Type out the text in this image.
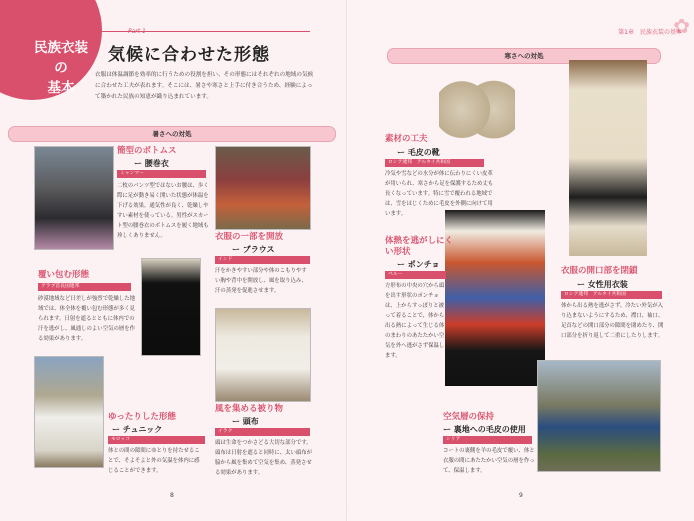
民族衣装の
基本
Part 1
気候に合わせた形態
衣服は体温調節を効率的に行うための役割を担い、その形態にはそれぞれの地域の気候に合わせた工夫が表れます。そこには、暑さや寒さと上手に付き合うため、経験によって築かれた民族の知恵が織り込まれています。
暑さへの対処
簡型のボトムス
ー 腰巻衣
ミャンマー
二枚のパンツ型ではないお腰は、歩く際に足が動き易く開いた状態が体温を下げる効果。通気性が良く、乾燥しやすい素材を使っている。男性がスカート型の腰巻衣のボトムスを履く地域も珍しくありません。	衣服の一部を開放
ー ブラウス
インド
汗をかきやすい部分や体のこもりやすい胸や背中を開放し、風を取り込み、汗の蒸発を促進させます。
覆い包む形態
アラブ首長国連邦
砂漠地域など日差しが強烈で乾燥した地域では、体全体を覆い包む形態が多く見られます。日射を遮るとともに体内での汗を逃がし、風通しのよい空気の層を作る効果があります。
風を集める被り物
ー 頭布
イラク
頭は生命をつかさどる大切な部分です。頭布は日射を遮ると同時に、太い頭布が脇から風を集めて空気を集め、蒸発させる効果があります。
ゆったりした形態
ー チュニック
モロッコ
体との間の隙間にゆとりを持たせることで、そよそよと外の気温を体内に感じることができます。
8
✿
第1章　民族衣装の基本
寒さへの対処
素材の工夫
ー 毛皮の靴
ロシア連邦　アルタイ共和国
冷気や雪などの水分が体に伝わりにくい皮革が用いられ、寒さから足を保護するため丈も長くなっています。特に雪で覆われる地域では、雪をはじくために毛皮を外側に向けて用います。
体熱を逃がしにくい形状
ー ポンチョ
ペルー
方形布の中央の穴から頭を出す形状のポンチョは、上からすっぽりと被って着ることで、体から出る熱によって生じる体のまわりのあたたかい空気を外へ逃がさず保温します。
衣服の開口部を閉鎖
ー 女性用衣装
ロシア連邦　アルタイ共和国
体から出る熱を逃がさず、冷たい外気が入り込まないようにするため、襟口、袖口、足首などの開口部分の隙間を閉めたり、開口部分を折り返して二重にしたりします。
空気層の保持
ー 裏地への毛皮の使用
シリア
コートの裏側を羊の毛皮で覆い、体と衣服の間にあたたかい空気の層を作って、保温します。
9
